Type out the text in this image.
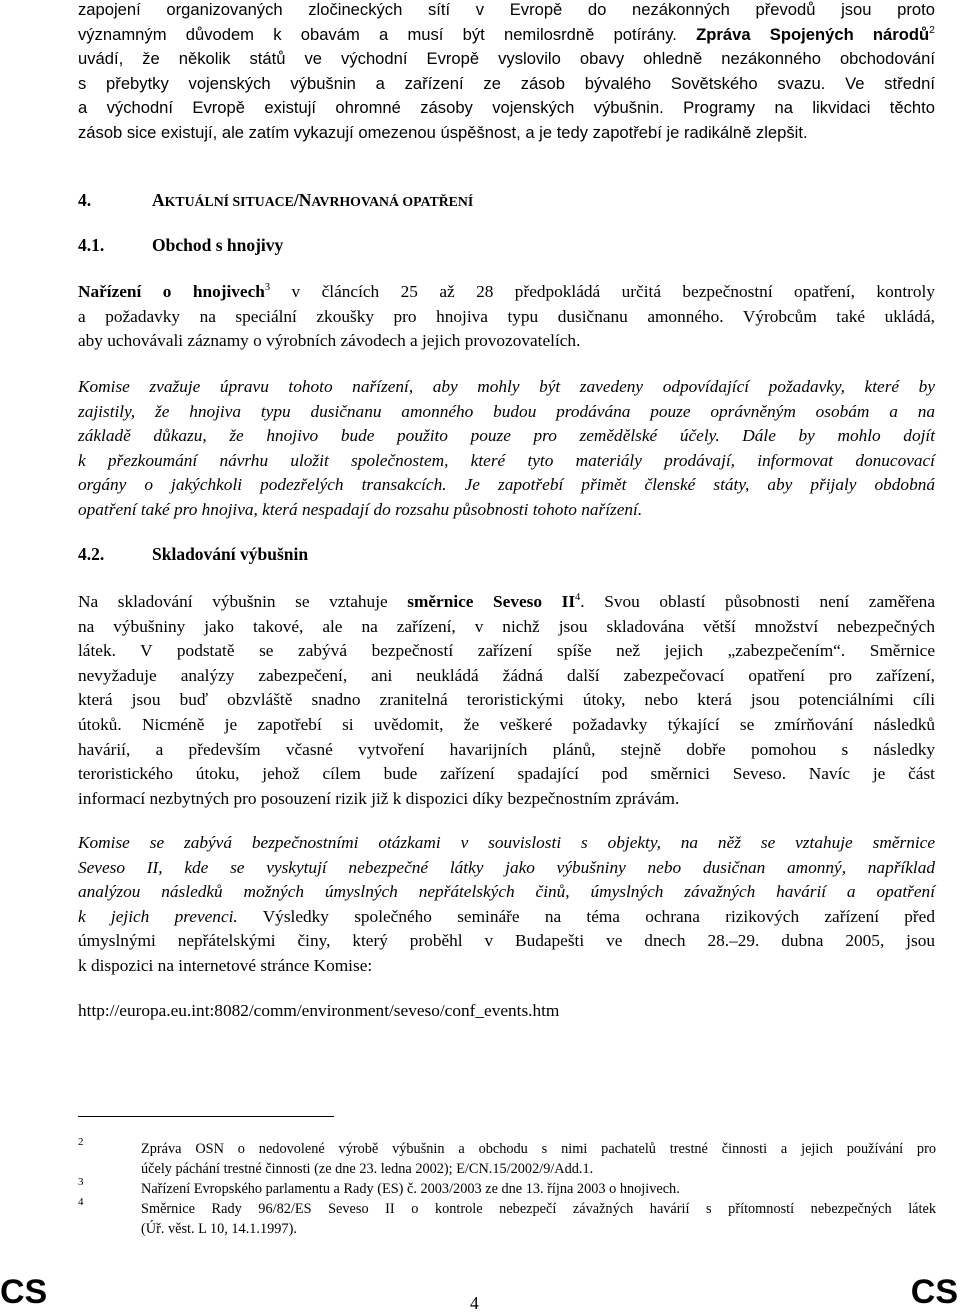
zapojení organizovaných zločineckých sítí v Evropě do nezákonných převodů jsou proto
významným důvodem k obavám a musí být nemilosrdně potírány. Zpráva Spojených národů$^2$
uvádí, že několik států ve východní Evropě vyslovilo obavy ohledně nezákonného obchodování
s přebytky vojenských výbušnin a zařízení ze zásob bývalého Sovětského svazu. Ve střední
a východní Evropě existují ohromné zásoby vojenských výbušnin. Programy na likvidaci těchto
zásob sice existují, ale zatím vykazují omezenou úspěšnost, a je tedy zapotřebí je radikálně zlepšit.
4.	AKTUÁLNÍ SITUACE/NAVRHOVANÁ OPATŘENÍ
4.1.	Obchod s hnojivy
Nařízení o hnojivech$^3$ v článcích 25 až 28 předpokládá určitá bezpečnostní opatření, kontroly
a požadavky na speciální zkoušky pro hnojiva typu dusičnanu amonného. Výrobcům také ukládá,
aby uchovávali záznamy o výrobních závodech a jejich provozovatelích.
Komise zvažuje úpravu tohoto nařízení, aby mohly být zavedeny odpovídající požadavky, které by
zajistily, že hnojiva typu dusičnanu amonného budou prodávána pouze oprávněným osobám a na
základě důkazu, že hnojivo bude použito pouze pro zemědělské účely. Dále by mohlo dojít
k přezkoumání návrhu uložit společnostem, které tyto materiály prodávají, informovat donucovací
orgány o jakýchkoli podezřelých transakcích. Je zapotřebí přimět členské státy, aby přijaly obdobná
opatření také pro hnojiva, která nespadají do rozsahu působnosti tohoto nařízení.
4.2.	Skladování výbušnin
Na skladování výbušnin se vztahuje směrnice Seveso $II^4$. Svou oblastí působnosti není zaměřena
na výbušniny jako takové, ale na zařízení, v nichž jsou skladována větší množství nebezpečných
látek. V podstatě se zabývá bezpečností zařízení spíše než jejich „zabezpečením“. Směrnice
nevyžaduje analýzy zabezpečení, ani neukládá žádná další zabezpečovací opatření pro zařízení,
která jsou buď obzvláště snadno zranitelná teroristickými útoky, nebo která jsou potenciálními cíli
útoků. Nicméně je zapotřebí si uvědomit, že veškeré požadavky týkající se zmírňování následků
havárií, a především včasné vytvoření havarijních plánů, stejně dobře pomohou s následky
teroristického útoku, jehož cílem bude zařízení spadající pod směrnici Seveso. Navíc je část
informací nezbytných pro posouzení rizik již k dispozici díky bezpečnostním zprávám.
Komise se zabývá bezpečnostními otázkami v souvislosti s objekty, na něž se vztahuje směrnice
Seveso II, kde se vyskytují nebezpečné látky jako výbušniny nebo dusičnan amonný, například
analýzou následků možných úmyslných nepřátelských činů, úmyslných závažných havárií a opatření
k jejich prevenci. Výsledky společného semináře na téma ochrana rizikových zařízení před
úmyslnými nepřátelskými činy, který proběhl v Budapešti ve dnech 28.–29. dubna 2005, jsou
k dispozici na internetové stránce Komise:
http://europa.eu.int:8082/comm/environment/seveso/conf_events.htm
2	Zpráva OSN o nedovolené výrobě výbušnin a obchodu s nimi pachatelů trestné činnosti a jejich používání pro
účely páchání trestné činnosti (ze dne 23. ledna 2002); E/CN.15/2002/9/Add.1.
3	Nařízení Evropského parlamentu a Rady (ES) č. 2003/2003 ze dne 13. října 2003 o hnojivech.
4	Směrnice Rady 96/82/ES Seveso II o kontrole nebezpečí závažných havárií s přítomností nebezpečných látek
(Úř. věst. L 10, 14.1.1997).
CS	4	CS
